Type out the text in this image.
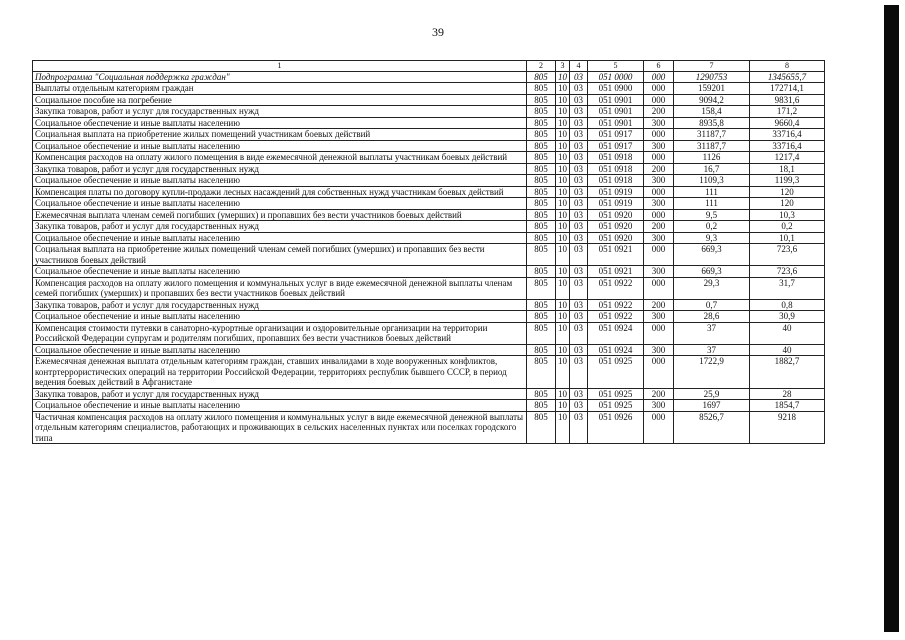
39
1	2	3	4	5	6	7	8
Подпрограмма "Социальная поддержка граждан"	805	10	03	051 0000	000	1290753	1345655,7
Выплаты отдельным категориям граждан	805	10	03	051 0900	000	159201	172714,1
Социальное пособие на погребение	805	10	03	051 0901	000	9094,2	9831,6
Закупка товаров, работ и услуг для государственных нужд	805	10	03	051 0901	200	158,4	171,2
Социальное обеспечение и иные выплаты населению	805	10	03	051 0901	300	8935,8	9660,4
Социальная выплата на приобретение жилых помещений участникам боевых действий	805	10	03	051 0917	000	31187,7	33716,4
Социальное обеспечение и иные выплаты населению	805	10	03	051 0917	300	31187,7	33716,4
Компенсация расходов на оплату жилого помещения в виде ежемесячной денежной выплаты участникам боевых действий	805	10	03	051 0918	000	1126	1217,4
Закупка товаров, работ и услуг для государственных нужд	805	10	03	051 0918	200	16,7	18,1
Социальное обеспечение и иные выплаты населению	805	10	03	051 0918	300	1109,3	1199,3
Компенсация платы по договору купли-продажи лесных насаждений для собственных нужд участникам боевых действий	805	10	03	051 0919	000	111	120
Социальное обеспечение и иные выплаты населению	805	10	03	051 0919	300	111	120
Ежемесячная выплата членам семей погибших (умерших) и пропавших без вести участников боевых действий	805	10	03	051 0920	000	9,5	10,3
Закупка товаров, работ и услуг для государственных нужд	805	10	03	051 0920	200	0,2	0,2
Социальное обеспечение и иные выплаты населению	805	10	03	051 0920	300	9,3	10,1
Социальная выплата на приобретение жилых помещений членам семей погибших (умерших) и пропавших без вести участников боевых действий	805	10	03	051 0921	000	669,3	723,6
Социальное обеспечение и иные выплаты населению	805	10	03	051 0921	300	669,3	723,6
Компенсация расходов на оплату жилого помещения и коммунальных услуг в виде ежемесячной денежной выплаты членам семей погибших (умерших) и пропавших без вести участников боевых действий	805	10	03	051 0922	000	29,3	31,7
Закупка товаров, работ и услуг для государственных нужд	805	10	03	051 0922	200	0,7	0,8
Социальное обеспечение и иные выплаты населению	805	10	03	051 0922	300	28,6	30,9
Компенсация стоимости путевки в санаторно-курортные организации и оздоровительные организации на территории Российской Федерации супругам и родителям погибших, пропавших без вести участников боевых действий	805	10	03	051 0924	000	37	40
Социальное обеспечение и иные выплаты населению	805	10	03	051 0924	300	37	40
Ежемесячная денежная выплата отдельным категориям граждан, ставших инвалидами в ходе вооруженных конфликтов, контртеррористических операций на территории Российской Федерации, территориях республик бывшего СССР, в период ведения боевых действий в Афганистане	805	10	03	051 0925	000	1722,9	1882,7
Закупка товаров, работ и услуг для государственных нужд	805	10	03	051 0925	200	25,9	28
Социальное обеспечение и иные выплаты населению	805	10	03	051 0925	300	1697	1854,7
Частичная компенсация расходов на оплату жилого помещения и коммунальных услуг в виде ежемесячной денежной выплаты отдельным категориям специалистов, работающих и проживающих в сельских населенных пунктах или поселках городского типа	805	10	03	051 0926	000	8526,7	9218
